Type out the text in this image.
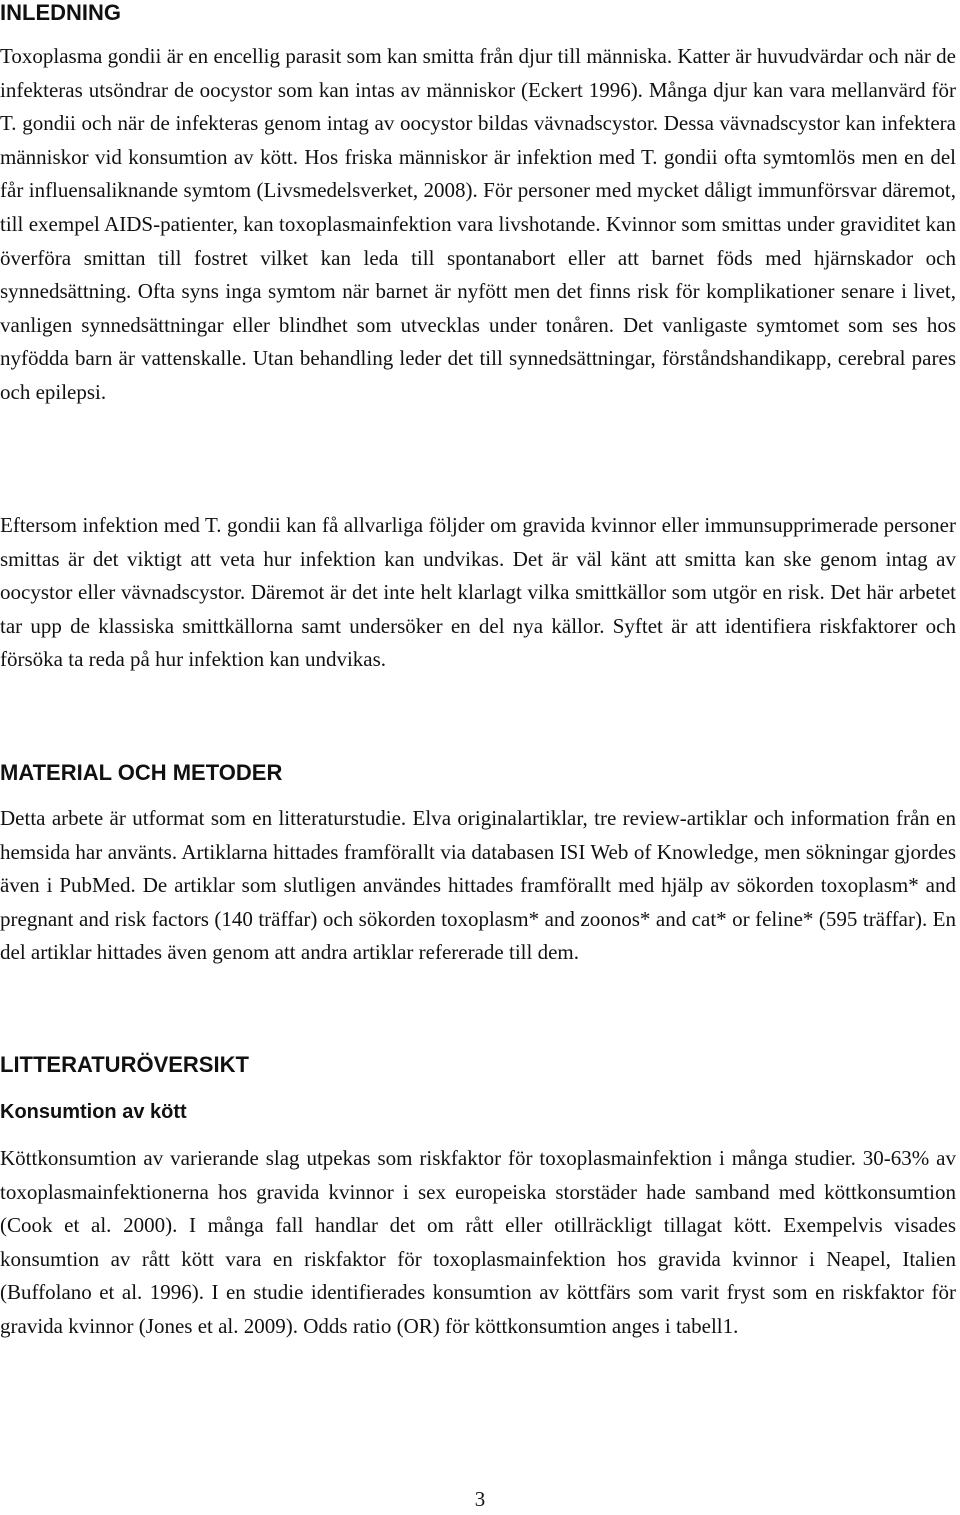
INLEDNING

Toxoplasma gondii är en encellig parasit som kan smitta från djur till människa. Katter är huvudvärdar och när de infekteras utsöndrar de oocystor som kan intas av människor (Eckert 1996). Många djur kan vara mellanvärd för T. gondii och när de infekteras genom intag av oocystor bildas vävnadscystor. Dessa vävnadscystor kan infektera människor vid konsumtion av kött. Hos friska människor är infektion med T. gondii ofta symtomlös men en del får influensaliknande symtom (Livsmedelsverket, 2008). För personer med mycket dåligt immunförsvar däremot, till exempel AIDS-patienter, kan toxoplasmainfektion vara livshotande. Kvinnor som smittas under graviditet kan överföra smittan till fostret vilket kan leda till spontanabort eller att barnet föds med hjärnskador och synnedsättning. Ofta syns inga symtom när barnet är nyfött men det finns risk för komplikationer senare i livet, vanligen synnedsättningar eller blindhet som utvecklas under tonåren. Det vanligaste symtomet som ses hos nyfödda barn är vattenskalle. Utan behandling leder det till synnedsättningar, förståndshandikapp, cerebral pares och epilepsi.

Eftersom infektion med T. gondii kan få allvarliga följder om gravida kvinnor eller immunsupprimerade personer smittas är det viktigt att veta hur infektion kan undvikas. Det är väl känt att smitta kan ske genom intag av oocystor eller vävnadscystor. Däremot är det inte helt klarlagt vilka smittkällor som utgör en risk. Det här arbetet tar upp de klassiska smittkällorna samt undersöker en del nya källor. Syftet är att identifiera riskfaktorer och försöka ta reda på hur infektion kan undvikas.

MATERIAL OCH METODER

Detta arbete är utformat som en litteraturstudie. Elva originalartiklar, tre review-artiklar och information från en hemsida har använts. Artiklarna hittades framförallt via databasen ISI Web of Knowledge, men sökningar gjordes även i PubMed. De artiklar som slutligen användes hittades framförallt med hjälp av sökorden toxoplasm* and pregnant and risk factors (140 träffar) och sökorden toxoplasm* and zoonos* and cat* or feline* (595 träffar). En del artiklar hittades även genom att andra artiklar refererade till dem.

LITTERATURÖVERSIKT
Konsumtion av kött

Köttkonsumtion av varierande slag utpekas som riskfaktor för toxoplasmainfektion i många studier. 30-63% av toxoplasmainfektionerna hos gravida kvinnor i sex europeiska storstäder hade samband med köttkonsumtion (Cook et al. 2000). I många fall handlar det om rått eller otillräckligt tillagat kött. Exempelvis visades konsumtion av rått kött vara en riskfaktor för toxoplasmainfektion hos gravida kvinnor i Neapel, Italien (Buffolano et al. 1996). I en studie identifierades konsumtion av köttfärs som varit fryst som en riskfaktor för gravida kvinnor (Jones et al. 2009). Odds ratio (OR) för köttkonsumtion anges i tabell1.

3
